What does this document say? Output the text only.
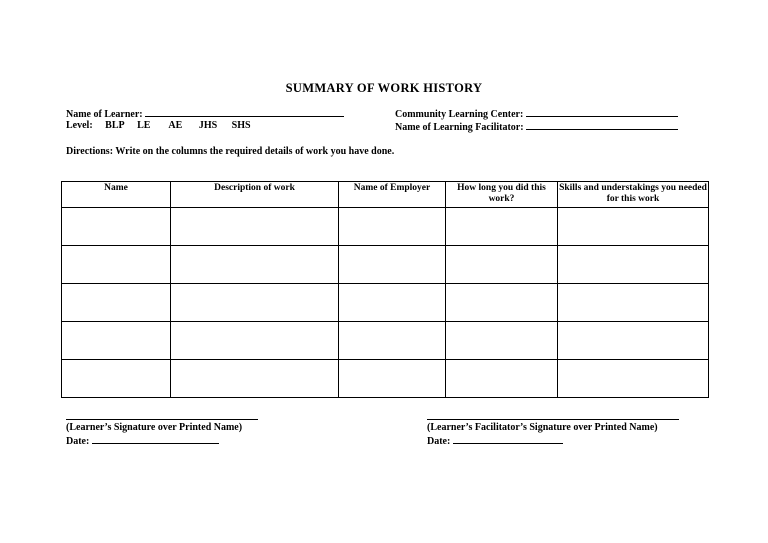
SUMMARY OF WORK HISTORY
Name of Learner:	Community Learning Center:
Level: BLP LE AE JHS SHS	Name of Learning Facilitator:
Directions: Write on the columns the required details of work you have done.
Name	Description of work	Name of Employer	How long you did this work?	Skills and understakings you needed for this work

(Learner’s Signature over Printed Name)
Date:
(Learner’s Facilitator’s Signature over Printed Name)
Date:
